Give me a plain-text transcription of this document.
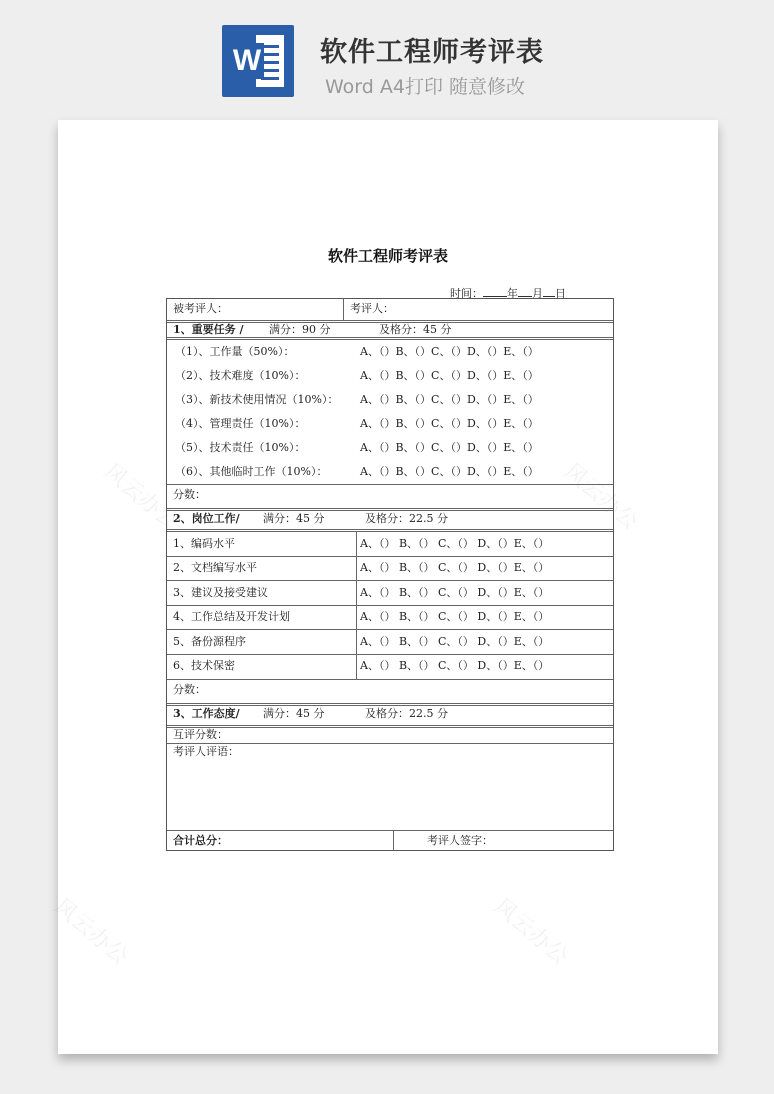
W 软件工程师考评表
Word A4打印 随意修改
风云办公	风云办公
风云办公	风云办公
软件工程师考评表
时间： 年 月 日
被考评人：	考评人：
1、重要任务 / 满分：90 分	及格分：45 分
（1）、工作量（50%）：	A、（）B、（）C、（）D、（）E、（）
（2）、技术难度（10%）：	A、（）B、（）C、（）D、（）E、（）
（3）、新技术使用情况（10%）： A、（）B、（）C、（）D、（）E、（）
（4）、管理责任（10%）：	A、（）B、（）C、（）D、（）E、（）
（5）、技术责任（10%）：	A、（）B、（）C、（）D、（）E、（）
（6）、其他临时工作（10%）：	A、（）B、（）C、（）D、（）E、（）
分数：
2、岗位工作/ 满分：45 分	及格分：22.5 分
1、编码水平	A、（） B、（） C、（） D、（）E、（）
2、文档编写水平	A、（） B、（） C、（） D、（）E、（）
3、建议及接受建议	A、（） B、（） C、（） D、（）E、（）
4、工作总结及开发计划	A、（） B、（） C、（） D、（）E、（）
5、备份源程序	A、（） B、（） C、（） D、（）E、（）
6、技术保密	A、（） B、（） C、（） D、（）E、（）
分数：
3、工作态度/ 满分：45 分	及格分：22.5 分
互评分数：
考评人评语：
合计总分：	考评人签字：
